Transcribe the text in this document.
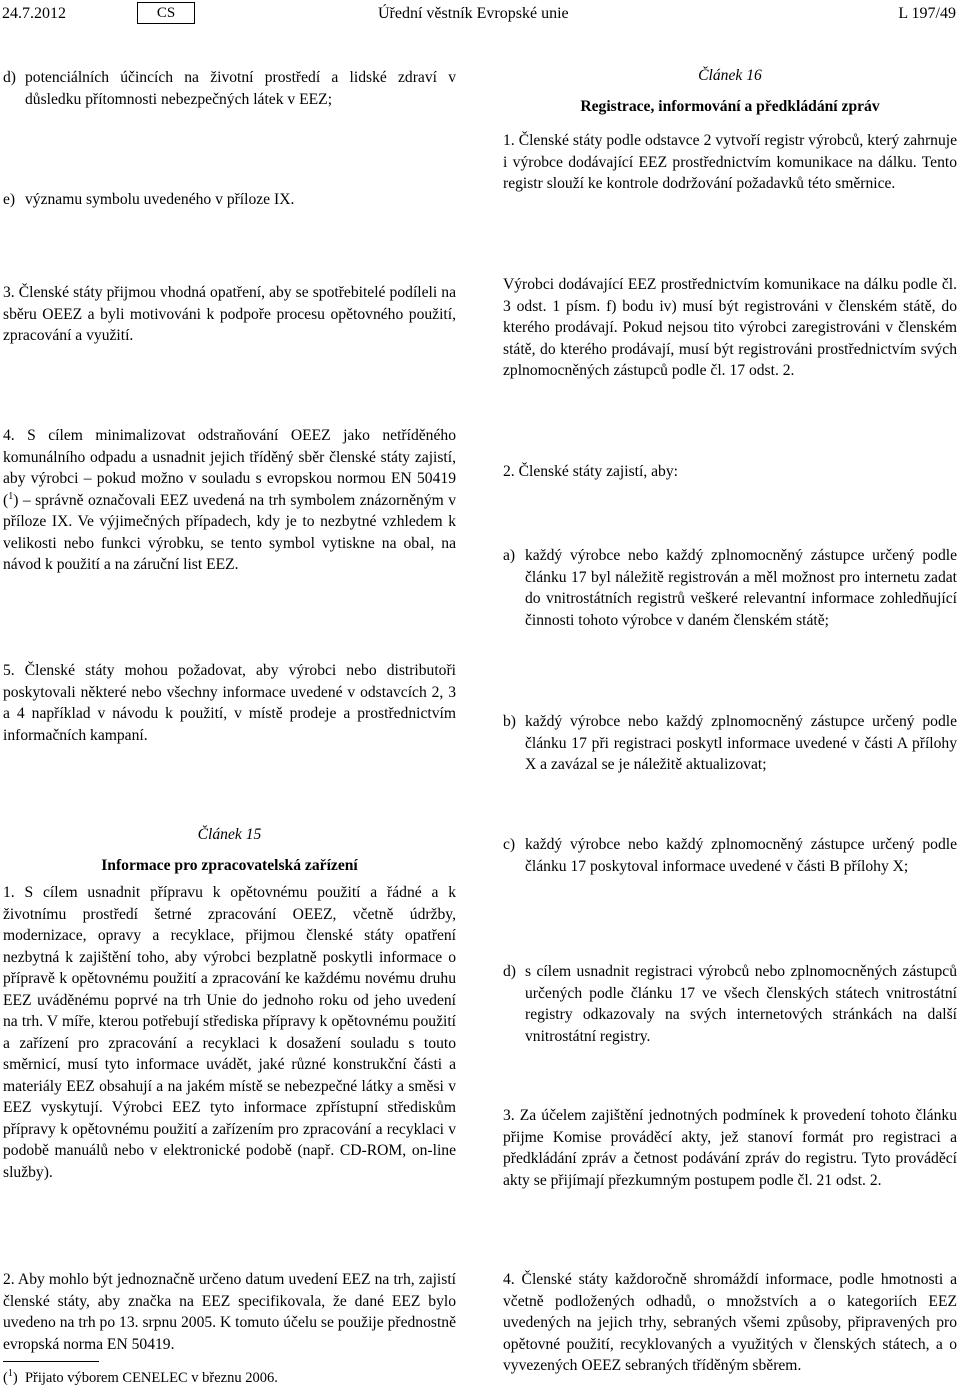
24.7.2012	CS	Úřední věstník Evropské unie	L 197/49
d) potenciálních účincích na životní prostředí a lidské zdraví v důsledku přítomnosti nebezpečných látek v EEZ;
e) významu symbolu uvedeného v příloze IX.

3. Členské státy přijmou vhodná opatření, aby se spotřebitelé podíleli na sběru OEEZ a byli motivováni k podpoře procesu opětovného použití, zpracování a využití.

4. S cílem minimalizovat odstraňování OEEZ jako netříděného komunálního odpadu a usnadnit jejich tříděný sběr členské státy zajistí, aby výrobci – pokud možno v souladu s evropskou normou EN 50419 ($^1$) – správně označovali EEZ uvedená na trh symbolem znázorněným v příloze IX. Ve výjimečných případech, kdy je to nezbytné vzhledem k velikosti nebo funkci výrobku, se tento symbol vytiskne na obal, na návod k použití a na záruční list EEZ.

5. Členské státy mohou požadovat, aby výrobci nebo distributoři poskytovali některé nebo všechny informace uvedené v odstavcích 2, 3 a 4 například v návodu k použití, v místě prodeje a prostřednictvím informačních kampaní.

Článek 15

Informace pro zpracovatelská zařízení

1. S cílem usnadnit přípravu k opětovnému použití a řádné a k životnímu prostředí šetrné zpracování OEEZ, včetně údržby, modernizace, opravy a recyklace, přijmou členské státy opatření nezbytná k zajištění toho, aby výrobci bezplatně poskytli informace o přípravě k opětovnému použití a zpracování ke každému novému druhu EEZ uváděnému poprvé na trh Unie do jednoho roku od jeho uvedení na trh. V míře, kterou potřebují střediska přípravy k opětovnému použití a zařízení pro zpracování a recyklaci k dosažení souladu s touto směrnicí, musí tyto informace uvádět, jaké různé konstrukční části a materiály EEZ obsahují a na jakém místě se nebezpečné látky a směsi v EEZ vyskytují. Výrobci EEZ tyto informace zpřístupní střediskům přípravy k opětovnému použití a zařízením pro zpracování a recyklaci v podobě manuálů nebo v elektronické podobě (např. CD-ROM, on-line služby).

2. Aby mohlo být jednoznačně určeno datum uvedení EEZ na trh, zajistí členské státy, aby značka na EEZ specifikovala, že dané EEZ bylo uvedeno na trh po 13. srpnu 2005. K tomuto účelu se použije přednostně evropská norma EN 50419.

($^1$)  Přijato výborem CENELEC v březnu 2006.

Článek 16

Registrace, informování a předkládání zpráv

1. Členské státy podle odstavce 2 vytvoří registr výrobců, který zahrnuje i výrobce dodávající EEZ prostřednictvím komunikace na dálku. Tento registr slouží ke kontrole dodržování požadavků této směrnice.

Výrobci dodávající EEZ prostřednictvím komunikace na dálku podle čl. 3 odst. 1 písm. f) bodu iv) musí být registrováni v členském státě, do kterého prodávají. Pokud nejsou tito výrobci zaregistrováni v členském státě, do kterého prodávají, musí být registrováni prostřednictvím svých zplnomocněných zástupců podle čl. 17 odst. 2.

2. Členské státy zajistí, aby:

a) každý výrobce nebo každý zplnomocněný zástupce určený podle článku 17 byl náležitě registrován a měl možnost pro internetu zadat do vnitrostátních registrů veškeré relevantní informace zohledňující činnosti tohoto výrobce v daném členském státě;
b) každý výrobce nebo každý zplnomocněný zástupce určený podle článku 17 při registraci poskytl informace uvedené v části A přílohy X a zavázal se je náležitě aktualizovat;
c) každý výrobce nebo každý zplnomocněný zástupce určený podle článku 17 poskytoval informace uvedené v části B přílohy X;
d) s cílem usnadnit registraci výrobců nebo zplnomocněných zástupců určených podle článku 17 ve všech členských státech vnitrostátní registry odkazovaly na svých internetových stránkách na další vnitrostátní registry.

3. Za účelem zajištění jednotných podmínek k provedení tohoto článku přijme Komise prováděcí akty, jež stanoví formát pro registraci a předkládání zpráv a četnost podávání zpráv do registru. Tyto prováděcí akty se přijímají přezkumným postupem podle čl. 21 odst. 2.

4. Členské státy každoročně shromáždí informace, podle hmotnosti a včetně podložených odhadů, o množstvích a o kategoriích EEZ uvedených na jejich trhy, sebraných všemi způsoby, připravených pro opětovné použití, recyklovaných a využitých v členských státech, a o vyvezených OEEZ sebraných tříděným sběrem.
